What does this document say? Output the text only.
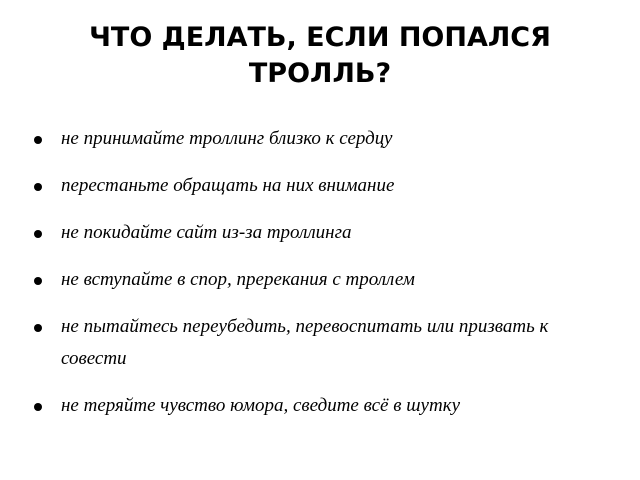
ЧТО ДЕЛАТЬ, ЕСЛИ ПОПАЛСЯ ТРОЛЛЬ?
не принимайте троллинг близко к сердцу
перестаньте обращать на них внимание
не покидайте сайт из-за троллинга
не вступайте в спор, пререкания с троллем
не пытайтесь переубедить, перевоспитать или призвать к совести
не теряйте чувство юмора, сведите всё в шутку
